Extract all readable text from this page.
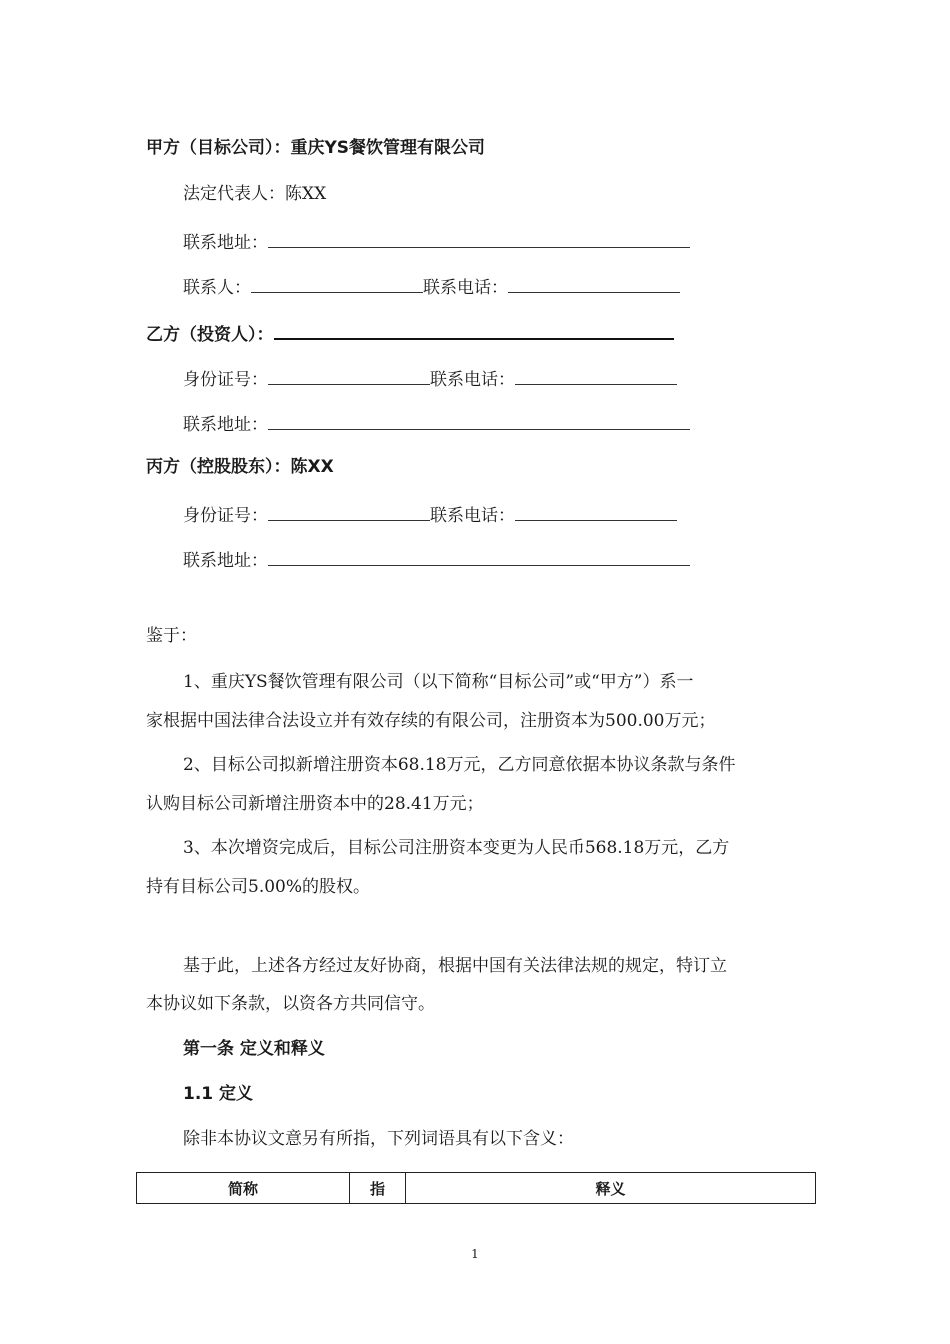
甲方（目标公司）：重庆YS餐饮管理有限公司
法定代表人：陈XX
联系地址：
联系人：	联系电话：
乙方（投资人）：
身份证号：	联系电话：
联系地址：
丙方（控股股东）：陈XX
身份证号：	联系电话：
联系地址：
鉴于：
1、重庆YS餐饮管理有限公司（以下简称“目标公司”或“甲方”）系一
家根据中国法律合法设立并有效存续的有限公司，注册资本为500.00万元；
2、目标公司拟新增注册资本68.18万元，乙方同意依据本协议条款与条件
认购目标公司新增注册资本中的28.41万元；
3、本次增资完成后，目标公司注册资本变更为人民币568.18万元，乙方
持有目标公司5.00%的股权。
基于此，上述各方经过友好协商，根据中国有关法律法规的规定，特订立
本协议如下条款，以资各方共同信守。
第一条 定义和释义
1.1 定义
除非本协议文意另有所指，下列词语具有以下含义：
简称	指	释义
1
